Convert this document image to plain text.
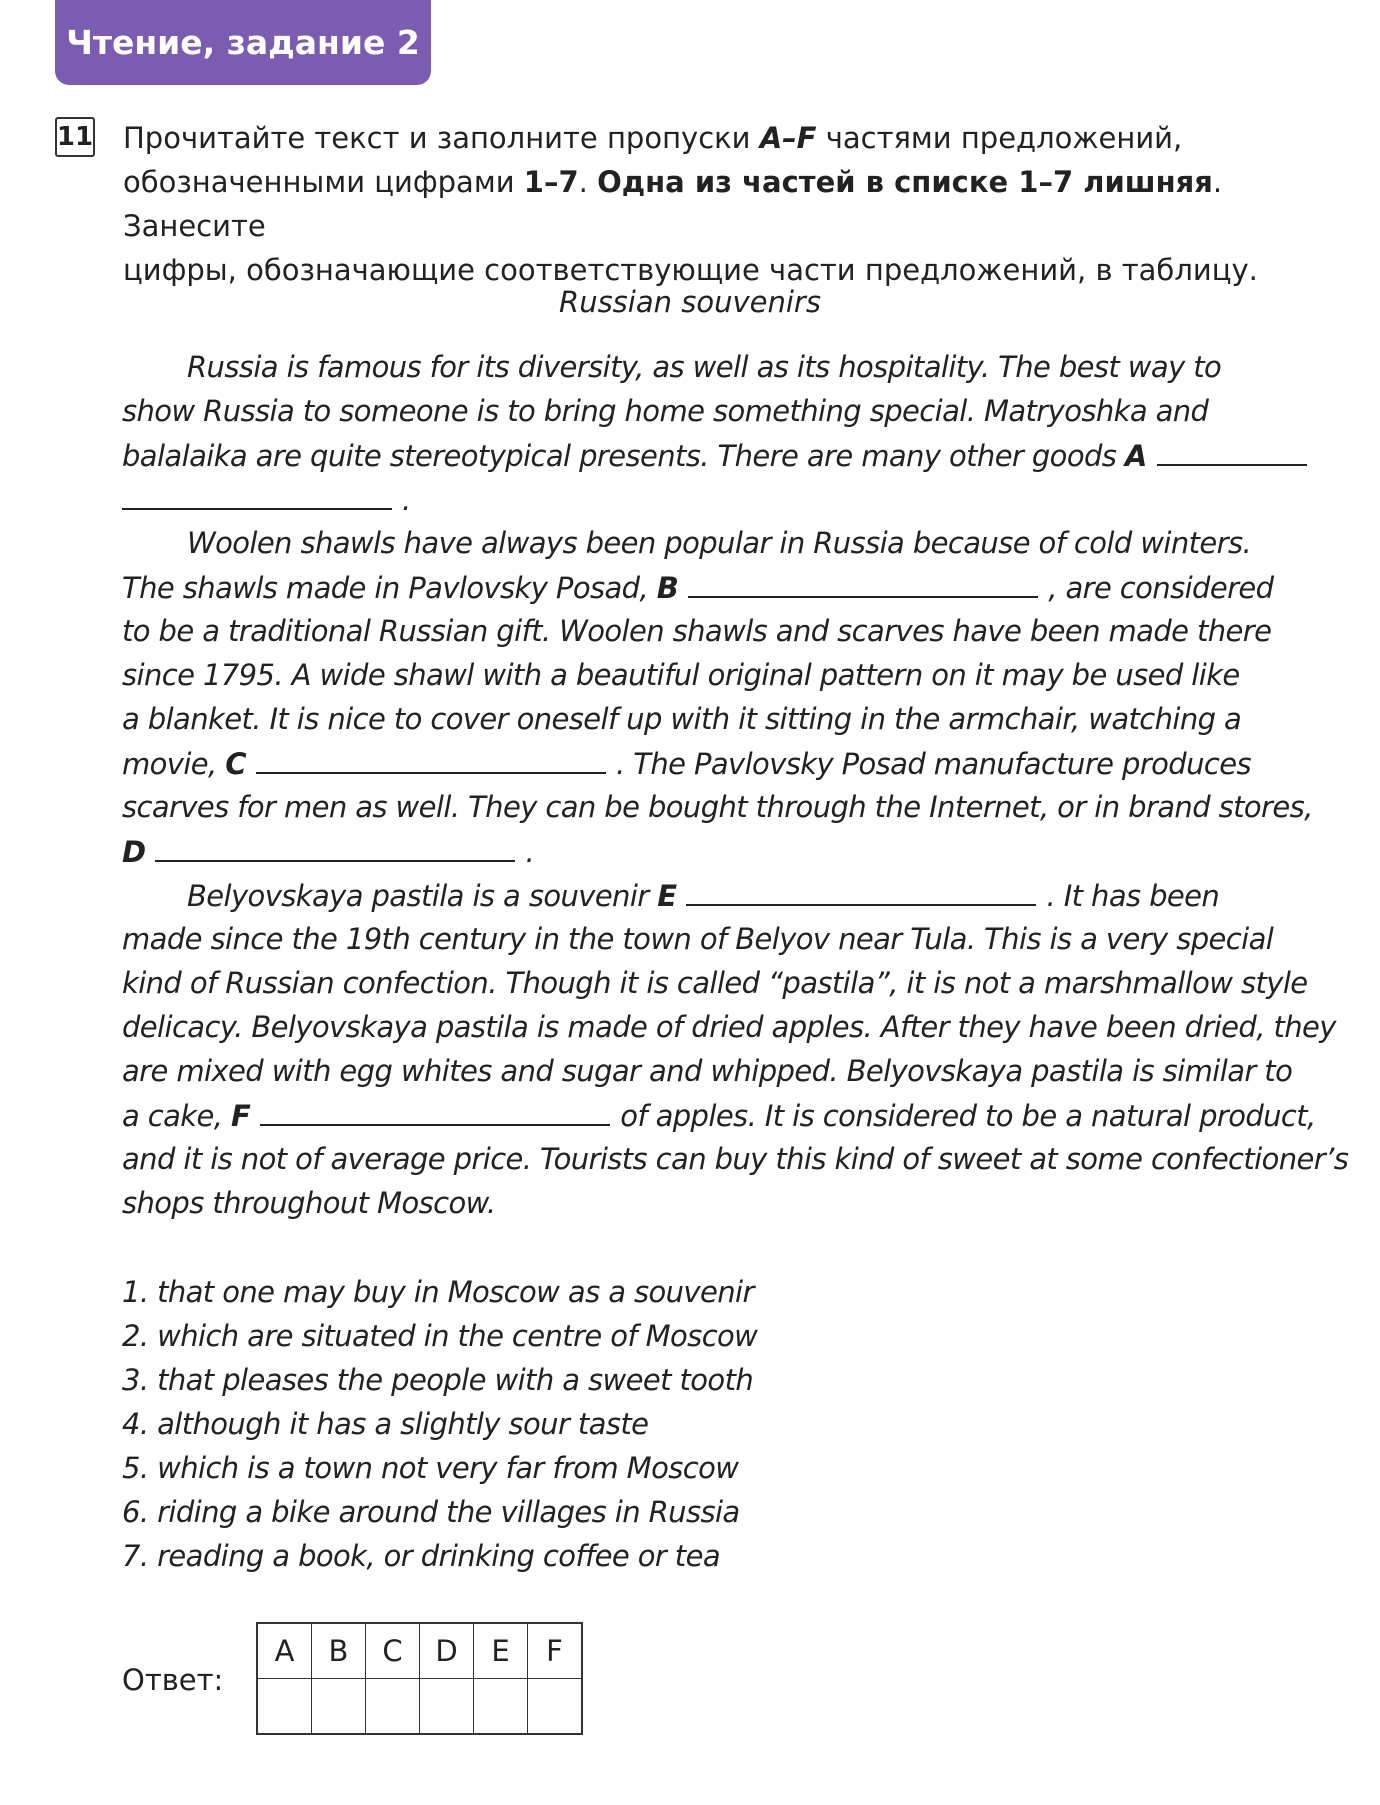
Чтение, задание 2
11 Прочитайте текст и заполните пропуски A–F частями предложений,
обозначенными цифрами 1–7. Одна из частей в списке 1–7 лишняя. Занесите
цифры, обозначающие соответствующие части предложений, в таблицу.
Russian souvenirs
Russia is famous for its diversity, as well as its hospitality. The best way to
show Russia to someone is to bring home something special. Matryoshka and
balalaika are quite stereotypical presents. There are many other goods A
.
Woolen shawls have always been popular in Russia because of cold winters.
The shawls made in Pavlovsky Posad, B	, are considered
to be a traditional Russian gift. Woolen shawls and scarves have been made there
since 1795. A wide shawl with a beautiful original pattern on it may be used like
a blanket. It is nice to cover oneself up with it sitting in the armchair, watching a
movie, C	. The Pavlovsky Posad manufacture produces
scarves for men as well. They can be bought through the Internet, or in brand stores,
D	.
Belyovskaya pastila is a souvenir E	. It has been
made since the 19th century in the town of Belyov near Tula. This is a very special
kind of Russian confection. Though it is called “pastila”, it is not a marshmallow style
delicacy. Belyovskaya pastila is made of dried apples. After they have been dried, they
are mixed with egg whites and sugar and whipped. Belyovskaya pastila is similar to
a cake, F	of apples. It is considered to be a natural product,
and it is not of average price. Tourists can buy this kind of sweet at some confectioner’s
shops throughout Moscow.
1. that one may buy in Moscow as a souvenir
2. which are situated in the centre of Moscow
3. that pleases the people with a sweet tooth
4. although it has a slightly sour taste
5. which is a town not very far from Moscow
6. riding a bike around the villages in Russia
7. reading a book, or drinking coffee or tea
Ответ:
A	B	C	D	E	F
